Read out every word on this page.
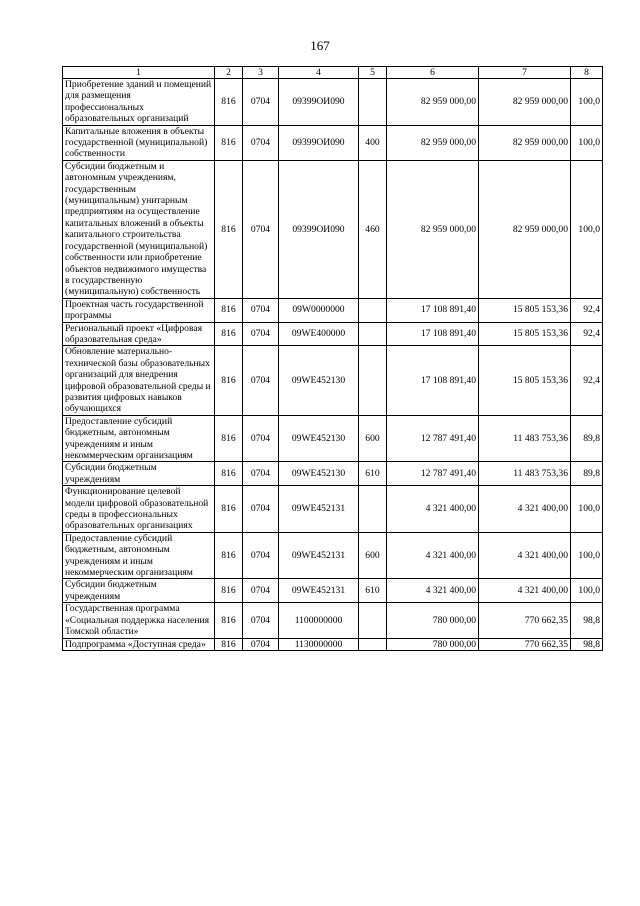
167
1	2	3	4	5	6	7	8
Приобретение зданий и помещений для размещения профессиональных образовательных организаций	816	0704	09399ОИ090		82 959 000,00	82 959 000,00	100,0
Капитальные вложения в объекты государственной (муниципальной) собственности	816	0704	09399ОИ090	400	82 959 000,00	82 959 000,00	100,0
Субсидии бюджетным и автономным учреждениям, государственным (муниципальным) унитарным предприятиям на осуществление капитальных вложений в объекты капитального строительства государственной (муниципальной) собственности или приобретение объектов недвижимого имущества в государственную (муниципальную) собственность	816	0704	09399ОИ090	460	82 959 000,00	82 959 000,00	100,0
Проектная часть государственной программы	816	0704	09W0000000		17 108 891,40	15 805 153,36	92,4
Региональный проект «Цифровая образовательная среда»	816	0704	09WE400000		17 108 891,40	15 805 153,36	92,4
Обновление материально-технической базы образовательных организаций для внедрения цифровой образовательной среды и развития цифровых навыков обучающихся	816	0704	09WE452130		17 108 891,40	15 805 153,36	92,4
Предоставление субсидий бюджетным, автономным учреждениям и иным некоммерческим организациям	816	0704	09WE452130	600	12 787 491,40	11 483 753,36	89,8
Субсидии бюджетным учреждениям	816	0704	09WE452130	610	12 787 491,40	11 483 753,36	89,8
Функционирование целевой модели цифровой образовательной среды в профессиональных образовательных организациях	816	0704	09WE452131		4 321 400,00	4 321 400,00	100,0
Предоставление субсидий бюджетным, автономным учреждениям и иным некоммерческим организациям	816	0704	09WE452131	600	4 321 400,00	4 321 400,00	100,0
Субсидии бюджетным учреждениям	816	0704	09WE452131	610	4 321 400,00	4 321 400,00	100,0
Государственная программа «Социальная поддержка населения Томской области»	816	0704	1100000000		780 000,00	770 662,35	98,8
Подпрограмма «Доступная среда»	816	0704	1130000000		780 000,00	770 662,35	98,8
